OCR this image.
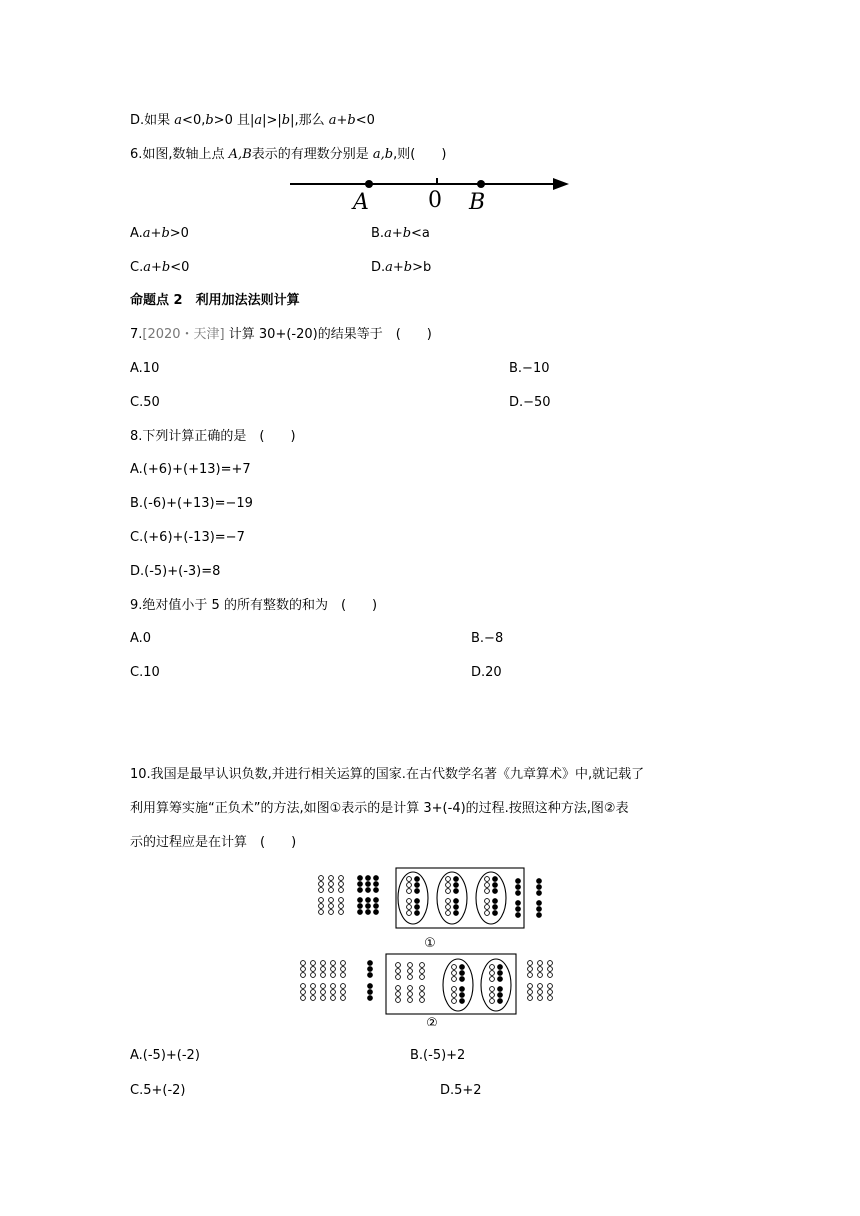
D.如果 a<0,b>0 且|a|>|b|,那么 a+b<0
6.如图,数轴上点 A,B表示的有理数分别是 a,b,则(　　)
A	0 B
A.a+b>0	B.a+b<a
C.a+b<0	D.a+b>b
命题点 2　利用加法法则计算
7.[2020・天津] 计算 30+(-20)的结果等于　(　　)
A.10	B.−10
C.50	D.−50
8.下列计算正确的是　(　　)
A.(+6)+(+13)=+7
B.(-6)+(+13)=−19
C.(+6)+(-13)=−7
D.(-5)+(-3)=8
9.绝对值小于 5 的所有整数的和为　(　　)
A.0	B.−8
C.10	D.20
10.我国是最早认识负数,并进行相关运算的国家.在古代数学名著《九章算术》中,就记载了
利用算筹实施“正负术”的方法,如图①表示的是计算 3+(-4)的过程.按照这种方法,图②表
示的过程应是在计算　(　　)
①
②
A.(-5)+(-2)	B.(-5)+2
C.5+(-2)	D.5+2
